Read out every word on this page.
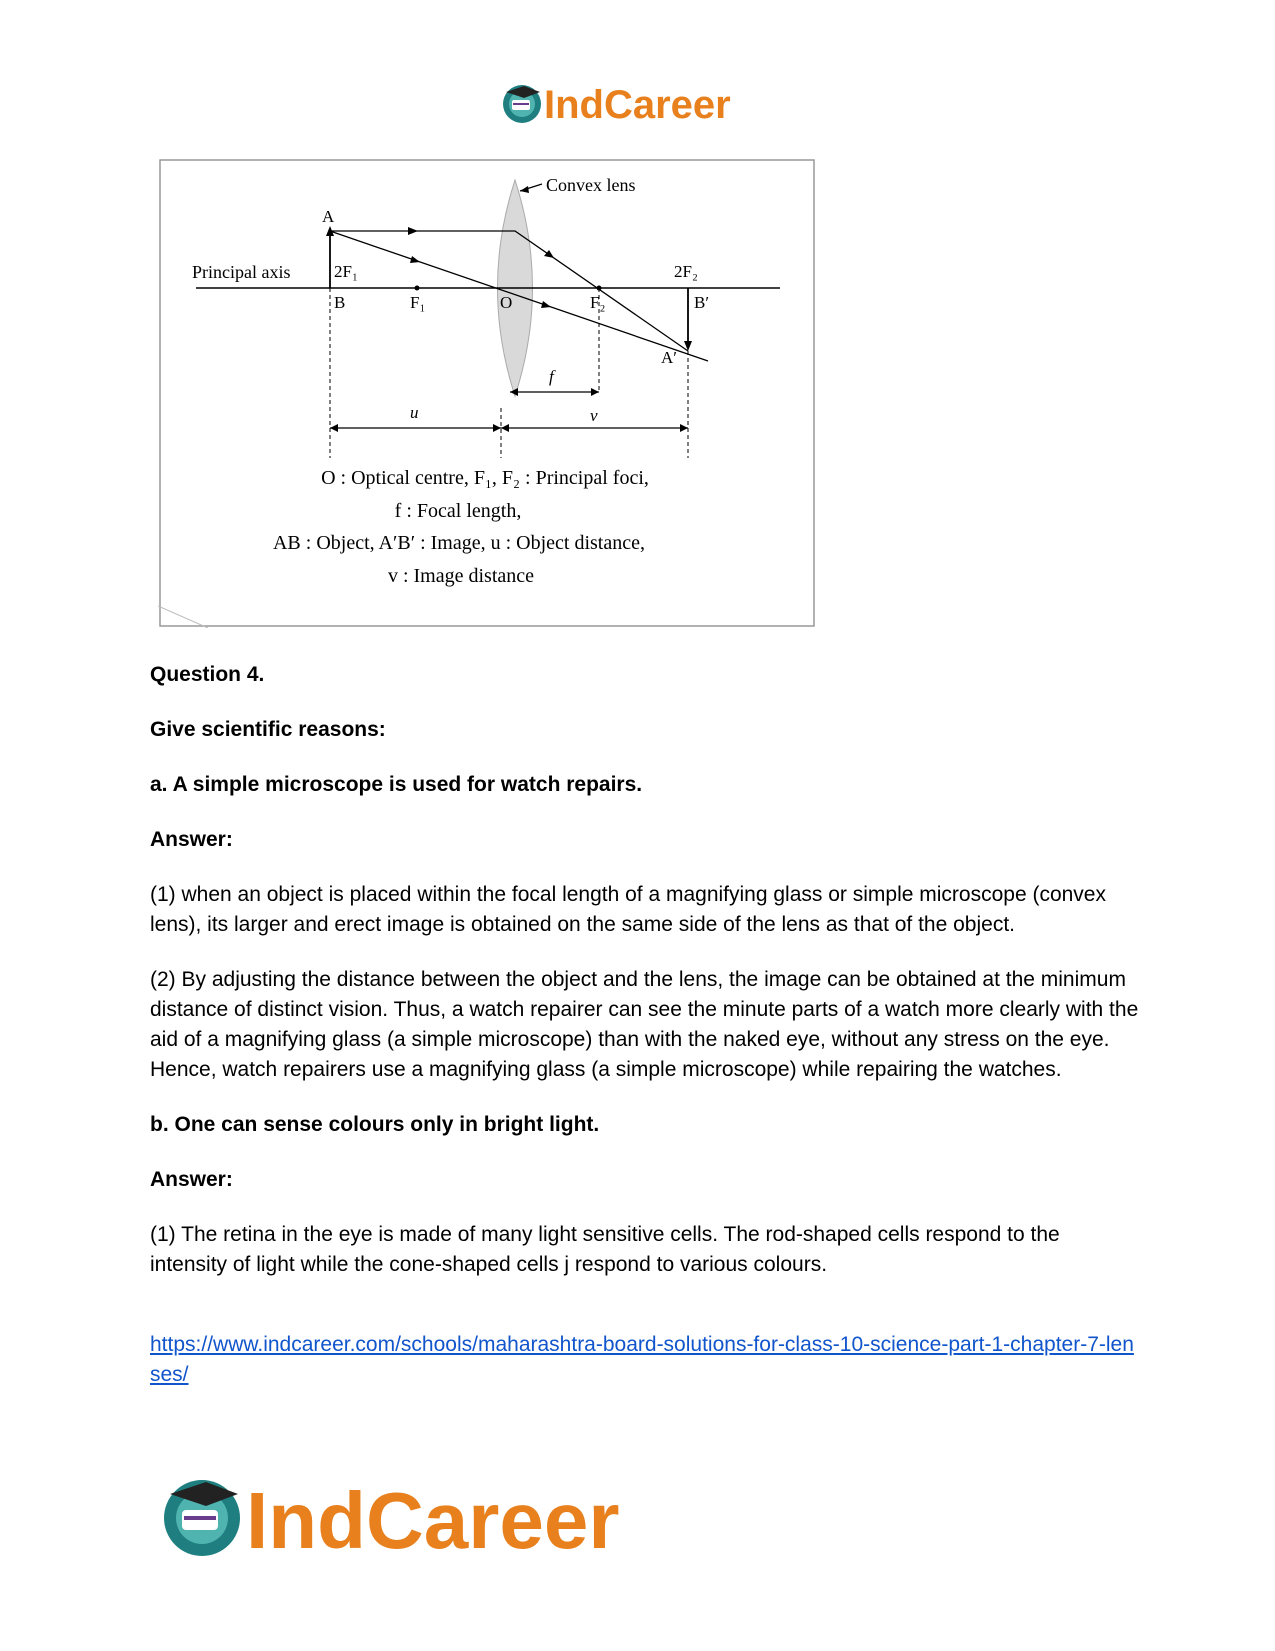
IndCareer
Convex lens
Principal axis
A
2F₁
B	F₁	O	F₂
2F₂
B′
A′
f
u	v
O : Optical centre, F₁, F₂ : Principal foci,
f : Focal length,
AB : Object, A′B′ : Image, u : Object distance,
v : Image distance

Question 4.

Give scientific reasons:

a. A simple microscope is used for watch repairs.

Answer:

(1) when an object is placed within the focal length of a magnifying glass or simple microscope (convex lens), its larger and erect image is obtained on the same side of the lens as that of the object.

(2) By adjusting the distance between the object and the lens, the image can be obtained at the minimum distance of distinct vision. Thus, a watch repairer can see the minute parts of a watch more clearly with the aid of a magnifying glass (a simple microscope) than with the naked eye, without any stress on the eye. Hence, watch repairers use a magnifying glass (a simple microscope) while repairing the watches.

b. One can sense colours only in bright light.

Answer:

(1) The retina in the eye is made of many light sensitive cells. The rod-shaped cells respond to the intensity of light while the cone-shaped cells j respond to various colours.

https://www.indcareer.com/schools/maharashtra-board-solutions-for-class-10-science-part-1-chapter-7-lenses/
IndCareer
